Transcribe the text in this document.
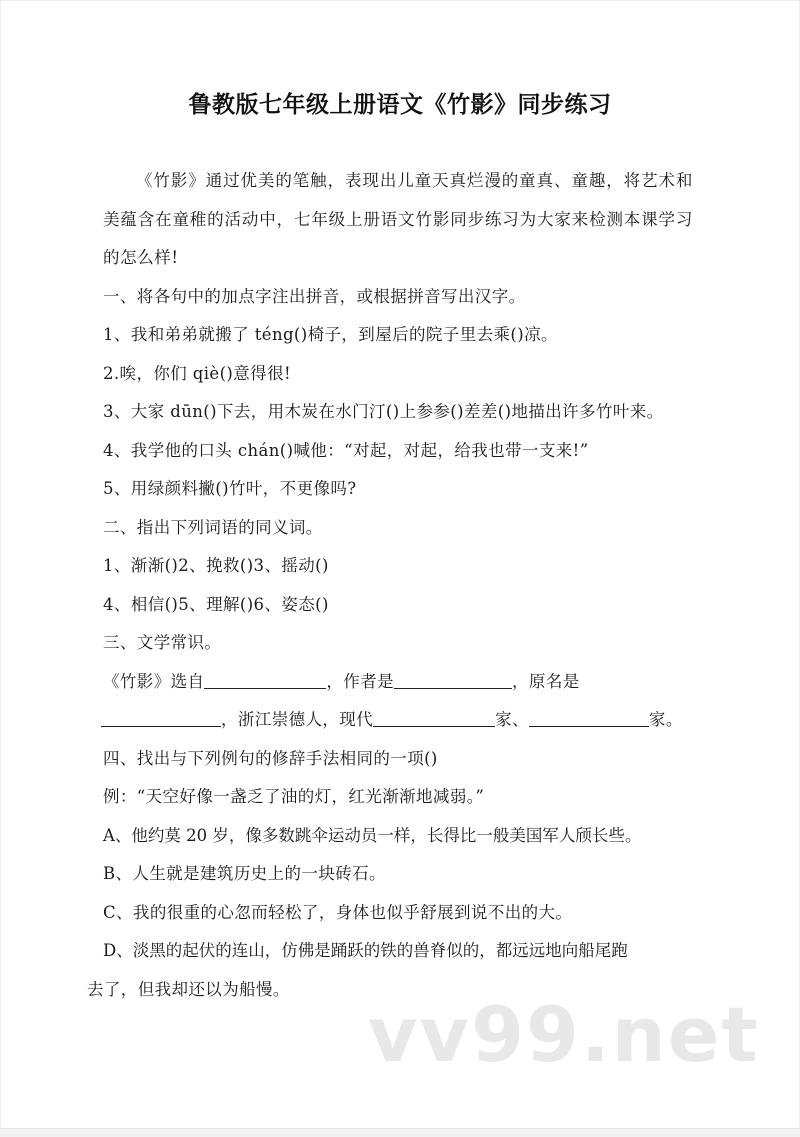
鲁教版七年级上册语文《竹影》同步练习

《竹影》通过优美的笔触，表现出儿童天真烂漫的童真、童趣，将艺术和美蕴含在童稚的活动中，七年级上册语文竹影同步练习为大家来检测本课学习的怎么样!

一、将各句中的加点字注出拼音，或根据拼音写出汉字。

1、我和弟弟就搬了 téng()椅子，到屋后的院子里去乘()凉。

2.唉，你们 qiè()意得很!

3、大家 dūn()下去，用木炭在水门汀()上参参()差差()地描出许多竹叶来。

4、我学他的口头 chán()喊他：“对起，对起，给我也带一支来!”

5、用绿颜料撇()竹叶，不更像吗?

二、指出下列词语的同义词。

1、渐渐()2、挽救()3、摇动()

4、相信()5、理解()6、姿态()

三、文学常识。

《竹影》选自	，作者是	，原名是

，浙江崇德人，现代	家、	家。

四、找出与下列例句的修辞手法相同的一项()

例：“天空好像一盏乏了油的灯，红光渐渐地减弱。”

A、他约莫 20 岁，像多数跳伞运动员一样，长得比一般美国军人颀长些。

B、人生就是建筑历史上的一块砖石。

C、我的很重的心忽而轻松了，身体也似乎舒展到说不出的大。

D、淡黑的起伏的连山，仿佛是踊跃的铁的兽脊似的，都远远地向船尾跑

去了，但我却还以为船慢。

vv99.net
